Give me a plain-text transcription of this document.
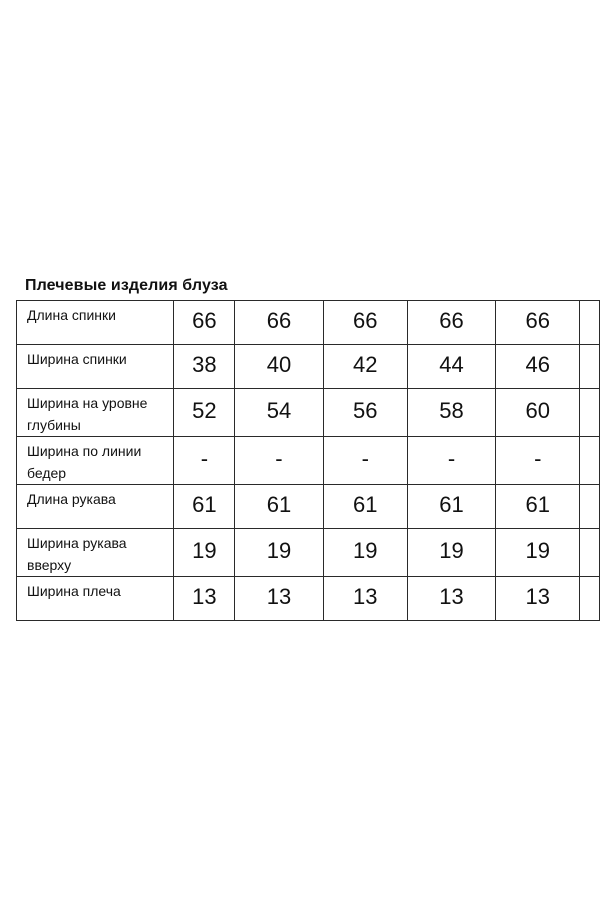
Плечевые изделия блуза
Длина спинки	66	66	66	66	66	
Ширина спинки	38	40	42	44	46	
Ширина на уровне глубины	52	54	56	58	60	
Ширина по линии бедер	-	-	-	-	-	
Длина рукава	61	61	61	61	61	
Ширина рукава вверху	19	19	19	19	19	
Ширина плеча	13	13	13	13	13	
